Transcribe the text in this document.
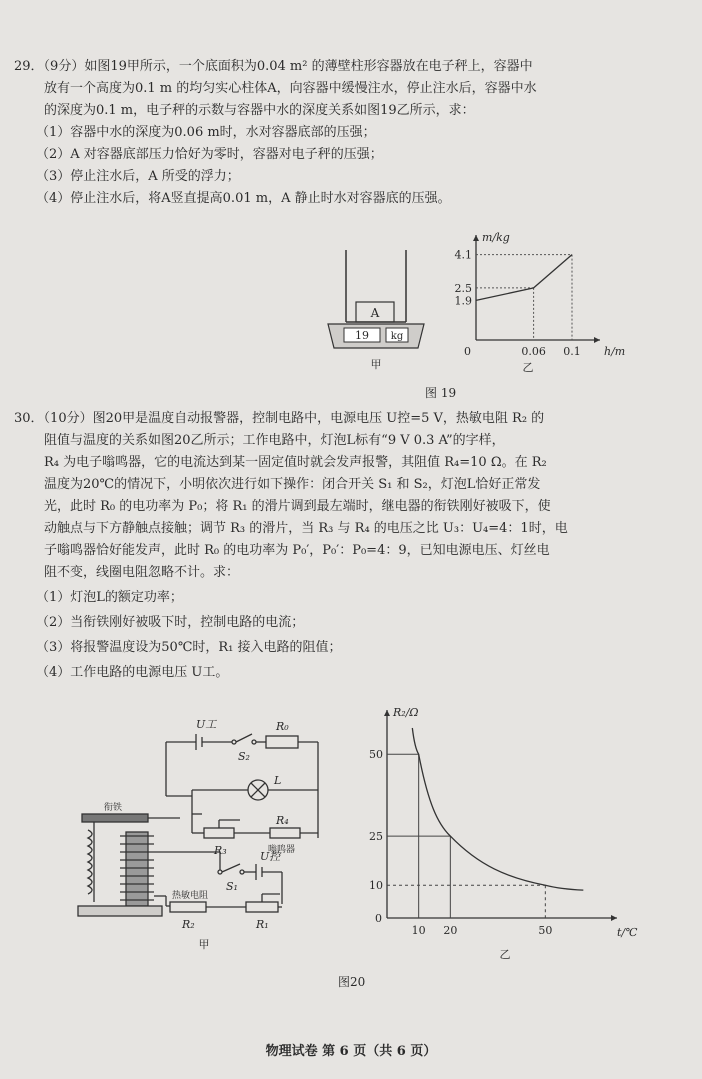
29．（9分）如图19甲所示，一个底面积为0.04 m² 的薄壁柱形容器放在电子秤上，容器中

放有一个高度为0.1 m 的均匀实心柱体A，向容器中缓慢注水，停止注水后，容器中水

的深度为0.1 m，电子秤的示数与容器中水的深度关系如图19乙所示，求：

（1）容器中水的深度为0.06 m时，水对容器底部的压强；

（2）A 对容器底部压力恰好为零时，容器对电子秤的压强；

（3）停止注水后，A 所受的浮力；

（4）停止注水后，将A竖直提高0.01 m，A 静止时水对容器底的压强。

A
19 kg
甲
m/kg
h/m
0
1.9
2.5
4.1
0.06 0.1
乙
图 19

30．（10分）图20甲是温度自动报警器，控制电路中，电源电压 U控=5 V，热敏电阻 R₂ 的

阻值与温度的关系如图20乙所示；工作电路中，灯泡L标有“9 V 0.3 A”的字样，

R₄ 为电子嗡鸣器，它的电流达到某一固定值时就会发声报警，其阻值 R₄=10 Ω。在 R₂

温度为20℃的情况下，小明依次进行如下操作：闭合开关 S₁ 和 S₂，灯泡L恰好正常发

光，此时 R₀ 的电功率为 P₀；将 R₁ 的滑片调到最左端时，继电器的衔铁刚好被吸下，使

动触点与下方静触点接触；调节 R₃ 的滑片，当 R₃ 与 R₄ 的电压之比 U₃：U₄=4：1时，电

子嗡鸣器恰好能发声，此时 R₀ 的电功率为 P₀′，P₀′：P₀=4：9，已知电源电压、灯丝电

阻不变，线圈电阻忽略不计。求：

（1）灯泡L的额定功率；

（2）当衔铁刚好被吸下时，控制电路的电流；

（3）将报警温度设为50℃时，R₁ 接入电路的阻值；

（4）工作电路的电源电压 U工。

U工	R₀
S₂
L
衔铁
R₄
嗡鸣器
R₃
S₁
U控
热敏电阻
R₂	R₁
甲
R₂/Ω
t/℃
0
10
25
50
10 20	50
乙
图20
物理试卷 第 6 页（共 6 页）
